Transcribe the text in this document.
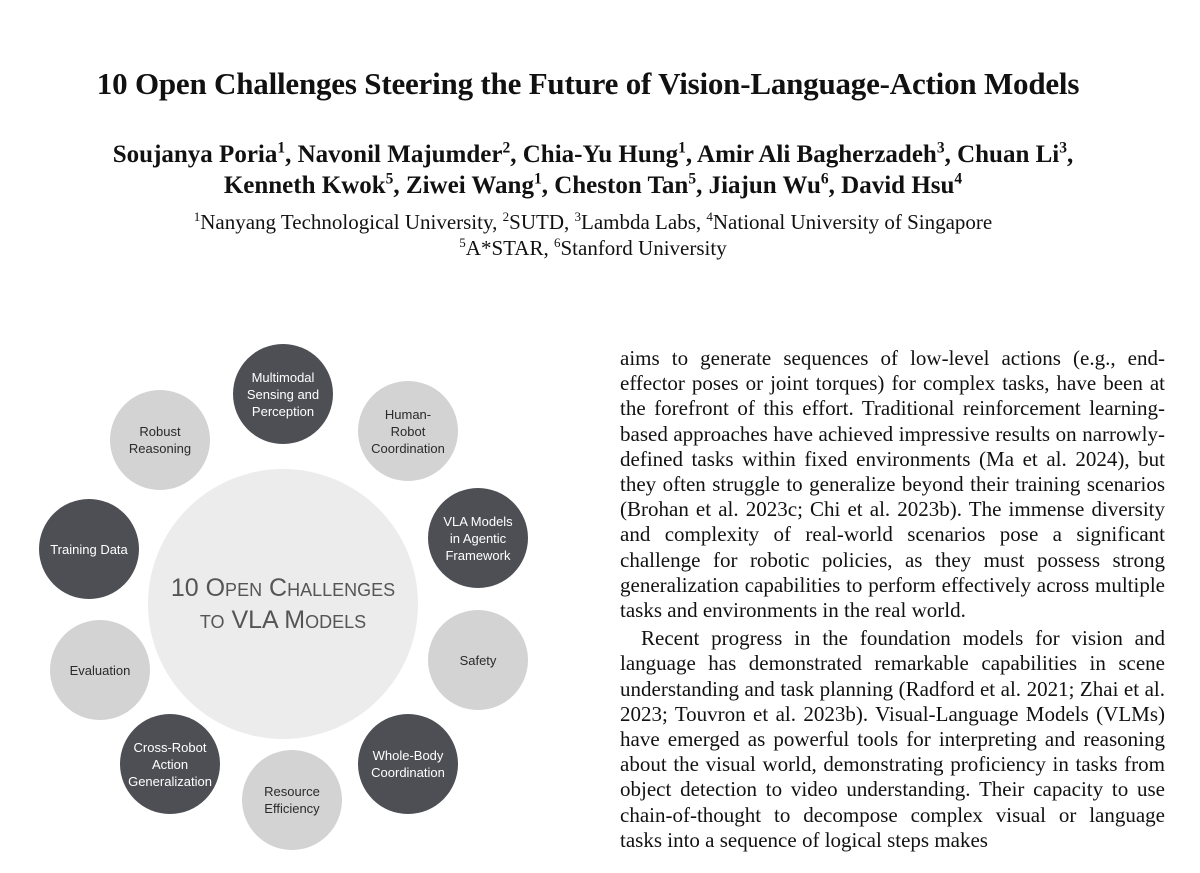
10 Open Challenges Steering the Future of Vision-Language-Action Models
Soujanya Poria$^1$, Navonil Majumder$^2$, Chia-Yu Hung$^1$, Amir Ali Bagherzadeh$^3$, Chuan Li$^3$,
Kenneth Kwok$^5$, Ziwei Wang$^1$, Cheston Tan$^5$, Jiajun Wu$^6$, David Hsu$^4$
$^1$Nanyang Technological University, $^2$SUTD, $^3$Lambda Labs, $^4$National University of Singapore
$^5$A*STAR, $^6$Stanford University
10 Open Challenges
to VLA Models
Multimodal
Sensing and
Perception	Human-Robot
Coordination
VLA Models
in Agentic
Framework
Safety
Whole-Body
Coordination
Resource
Efficiency
Cross-Robot
Action
Generalization
Evaluation
Training Data
Robust
Reasoning

aims to generate sequences of low-level actions (e.g., end-effector poses or joint torques) for complex tasks, have been at the forefront of this effort. Traditional reinforcement learning-based approaches have achieved impressive results on narrowly-defined tasks within fixed environments (Ma et al. 2024), but they often struggle to generalize beyond their training scenarios (Brohan et al. 2023c; Chi et al. 2023b). The immense diversity and complexity of real-world scenarios pose a significant challenge for robotic policies, as they must possess strong generalization capabilities to perform effectively across multiple tasks and environments in the real world.

Recent progress in the foundation models for vision and language has demonstrated remarkable capabilities in scene understanding and task planning (Radford et al. 2021; Zhai et al. 2023; Touvron et al. 2023b). Visual-Language Models (VLMs) have emerged as powerful tools for interpreting and reasoning about the visual world, demonstrating proficiency in tasks from object detection to video understanding. Their capacity to use chain-of-thought to decompose complex visual or language tasks into a sequence of logical steps makes
